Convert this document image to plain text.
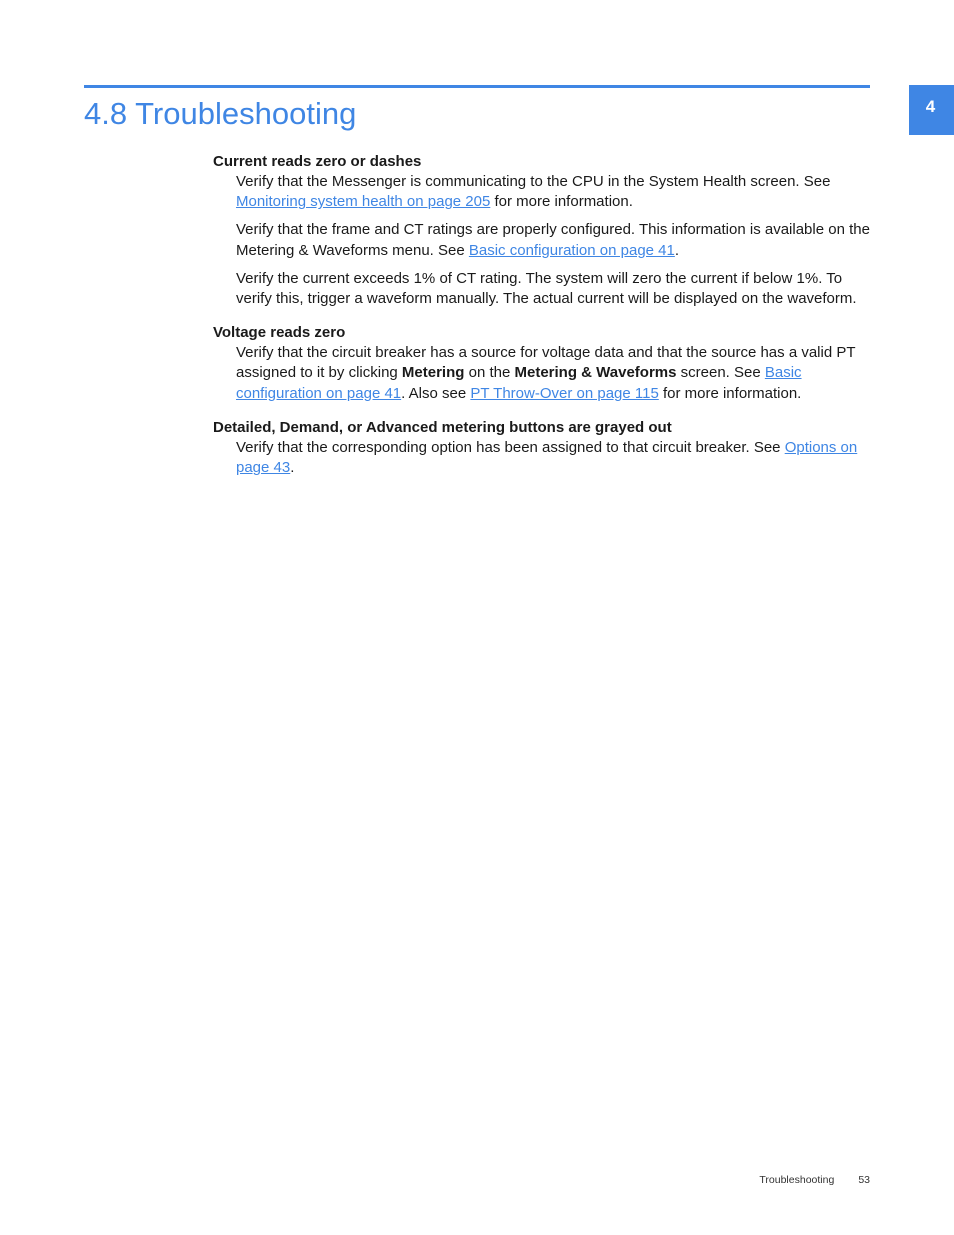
4
4.8 Troubleshooting

Current reads zero or dashes

Verify that the Messenger is communicating to the CPU in the System Health screen. See Monitoring system health on page 205 for more information.

Verify that the frame and CT ratings are properly configured. This information is available on the Metering & Waveforms menu. See Basic configuration on page 41.

Verify the current exceeds 1% of CT rating. The system will zero the current if below 1%. To verify this, trigger a waveform manually. The actual current will be displayed on the waveform.

Voltage reads zero

Verify that the circuit breaker has a source for voltage data and that the source has a valid PT assigned to it by clicking Metering on the Metering & Waveforms screen. See Basic configuration on page 41. Also see PT Throw-Over on page 115 for more information.

Detailed, Demand, or Advanced metering buttons are grayed out

Verify that the corresponding option has been assigned to that circuit breaker. See Options on page 43.

Troubleshooting 53
